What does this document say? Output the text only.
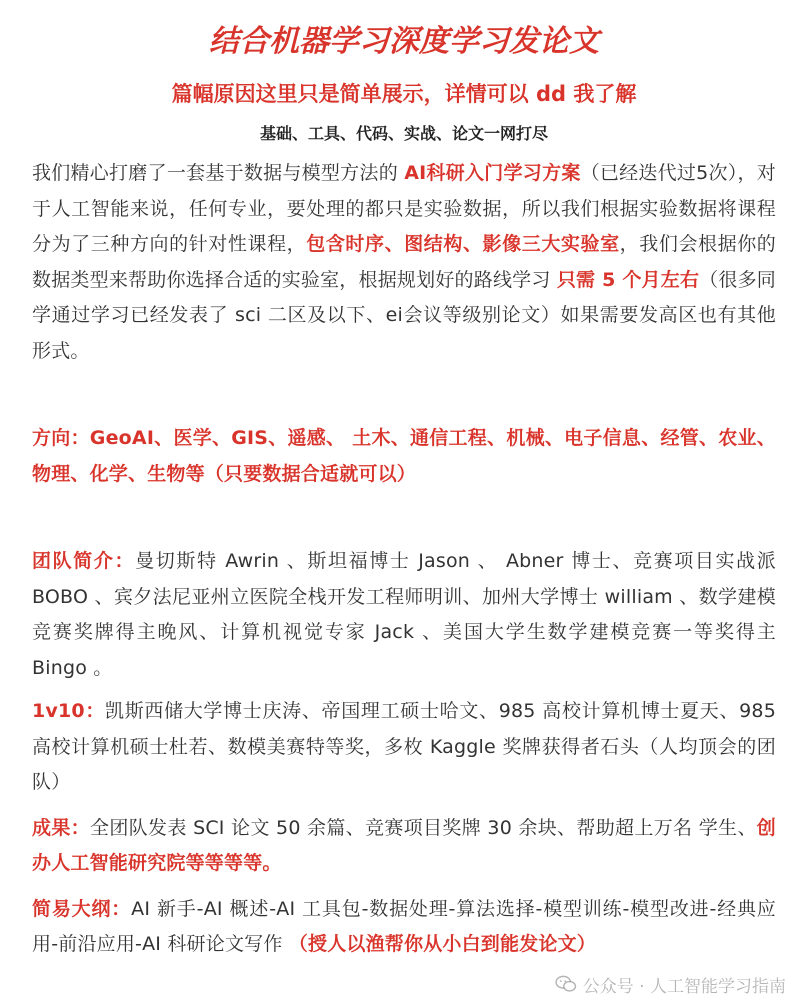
结合机器学习深度学习发论文
篇幅原因这里只是简单展示，详情可以 dd 我了解

基础、工具、代码、实战、论文一网打尽

我们精心打磨了一套基于数据与模型方法的 AI科研入门学习方案（已经迭代过5次），对于人工智能来说，任何专业，要处理的都只是实验数据，所以我们根据实验数据将课程分为了三种方向的针对性课程，包含时序、图结构、影像三大实验室，我们会根据你的数据类型来帮助你选择合适的实验室，根据规划好的路线学习 只需 5 个月左右（很多同学通过学习已经发表了 sci 二区及以下、ei会议等级别论文）如果需要发高区也有其他形式。

方向：GeoAI、医学、GIS、遥感、 土木、通信工程、机械、电子信息、经管、农业、物理、化学、生物等（只要数据合适就可以）

团队简介：曼切斯特 Awrin 、斯坦福博士 Jason 、 Abner 博士、竞赛项目实战派 BOBO 、宾夕法尼亚州立医院全栈开发工程师明训、加州大学博士 william 、数学建模竞赛奖牌得主晚风、计算机视觉专家 Jack 、美国大学生数学建模竞赛一等奖得主 Bingo 。

1v10：凯斯西储大学博士庆涛、帝国理工硕士哈文、985 高校计算机博士夏天、985 高校计算机硕士杜若、数模美赛特等奖，多枚 Kaggle 奖牌获得者石头（人均顶会的团队）

成果：全团队发表 SCI 论文 50 余篇、竞赛项目奖牌 30 余块、帮助超上万名 学生、创办人工智能研究院等等等等。

简易大纲：AI 新手-AI 概述-AI 工具包-数据处理-算法选择-模型训练-模型改进-经典应用-前沿应用-AI 科研论文写作 （授人以渔帮你从小白到能发论文）

公众号 · 人工智能学习指南
